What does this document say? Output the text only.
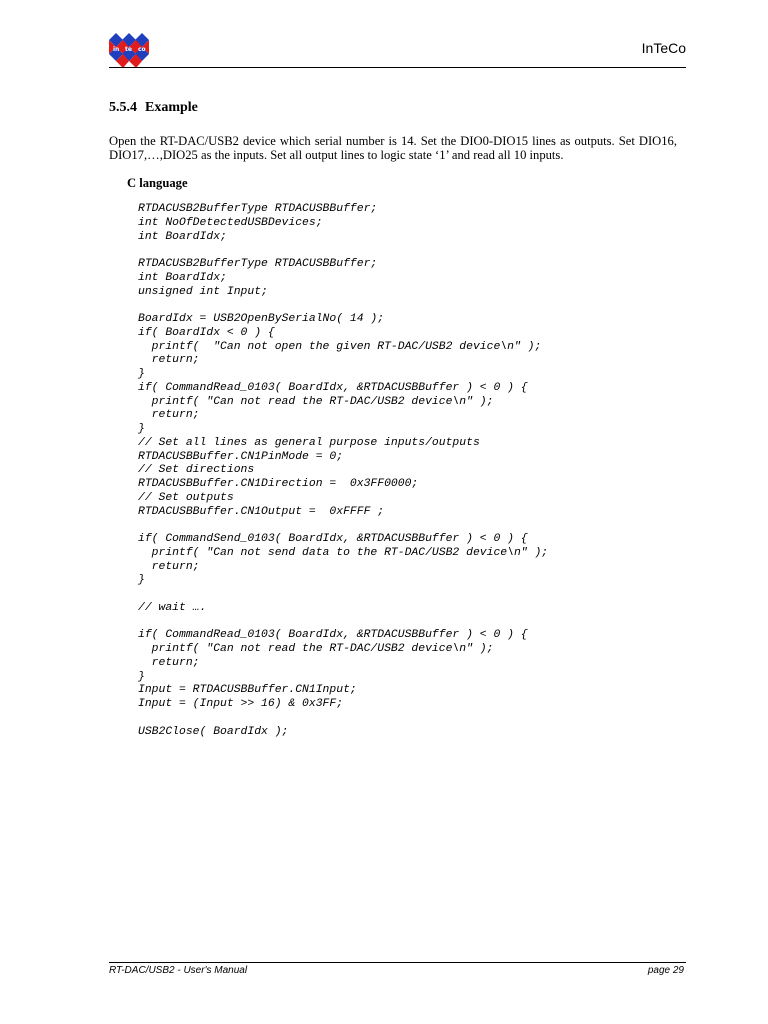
in te co	InTeCo
5.5.4 Example
Open the RT-DAC/USB2 device which serial number is 14. Set the DIO0-DIO15 lines as outputs. Set DIO16, DIO17,…,DIO25 as the inputs. Set all output lines to logic state ‘1’ and read all 10 inputs.
C language
RTDACUSB2BufferType RTDACUSBBuffer;
int NoOfDetectedUSBDevices;
int BoardIdx;

RTDACUSB2BufferType RTDACUSBBuffer;
int BoardIdx;
unsigned int Input;

BoardIdx = USB2OpenBySerialNo( 14 );
if( BoardIdx < 0 ) {
printf(  "Can not open the given RT-DAC/USB2 device\n" );
return;
}
if( CommandRead_0103( BoardIdx, &RTDACUSBBuffer ) < 0 ) {
printf( "Can not read the RT-DAC/USB2 device\n" );
return;
}
// Set all lines as general purpose inputs/outputs
RTDACUSBBuffer.CN1PinMode = 0;
// Set directions
RTDACUSBBuffer.CN1Direction =  0x3FF0000;
// Set outputs
RTDACUSBBuffer.CN1Output =  0xFFFF ;

if( CommandSend_0103( BoardIdx, &RTDACUSBBuffer ) < 0 ) {
printf( "Can not send data to the RT-DAC/USB2 device\n" );
return;
}

// wait ….

if( CommandRead_0103( BoardIdx, &RTDACUSBBuffer ) < 0 ) {
printf( "Can not read the RT-DAC/USB2 device\n" );
return;
}
Input = RTDACUSBBuffer.CN1Input;
Input = (Input >> 16) & 0x3FF;

USB2Close( BoardIdx );

RT-DAC/USB2 - User's Manual	page 29
